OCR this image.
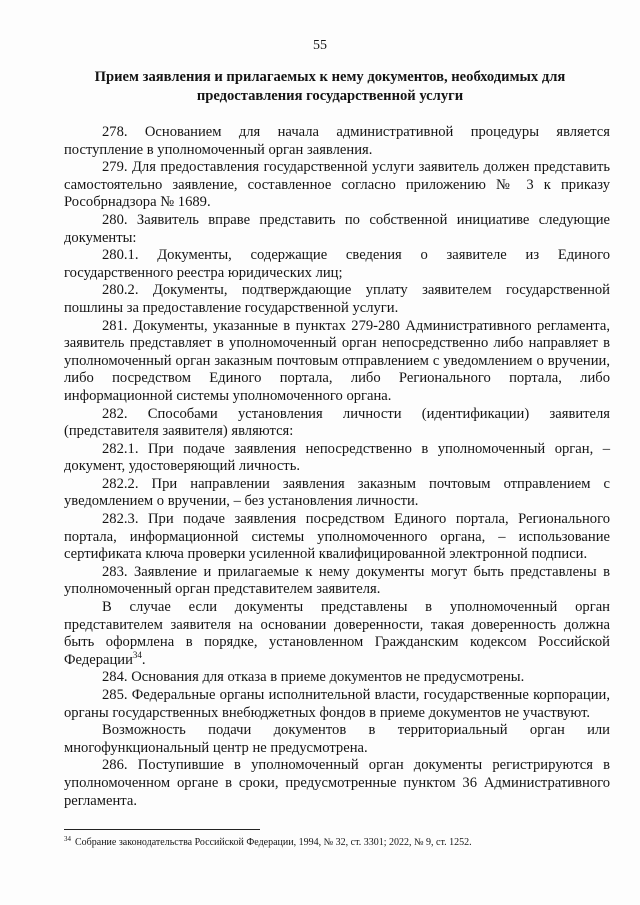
55
Прием заявления и прилагаемых к нему документов, необходимых для предоставления государственной услуги

278. Основанием для начала административной процедуры является поступление в уполномоченный орган заявления.

279. Для предоставления государственной услуги заявитель должен представить самостоятельно заявление, составленное согласно приложению № 3 к приказу Рособрнадзора № 1689.

280. Заявитель вправе представить по собственной инициативе следующие документы:

280.1. Документы, содержащие сведения о заявителе из Единого государственного реестра юридических лиц;

280.2. Документы, подтверждающие уплату заявителем государственной пошлины за предоставление государственной услуги.

281. Документы, указанные в пунктах 279-280 Административного регламента, заявитель представляет в уполномоченный орган непосредственно либо направляет в уполномоченный орган заказным почтовым отправлением с уведомлением о вручении, либо посредством Единого портала, либо Регионального портала, либо информационной системы уполномоченного органа.

282. Способами установления личности (идентификации) заявителя (представителя заявителя) являются:

282.1. При подаче заявления непосредственно в уполномоченный орган, – документ, удостоверяющий личность.

282.2. При направлении заявления заказным почтовым отправлением с уведомлением о вручении, – без установления личности.

282.3. При подаче заявления посредством Единого портала, Регионального портала, информационной системы уполномоченного органа, – использование сертификата ключа проверки усиленной квалифицированной электронной подписи.

283. Заявление и прилагаемые к нему документы могут быть представлены в уполномоченный орган представителем заявителя.

В случае если документы представлены в уполномоченный орган представителем заявителя на основании доверенности, такая доверенность должна быть оформлена в порядке, установленном Гражданским кодексом Российской Федерации$^{34}$.

284. Основания для отказа в приеме документов не предусмотрены.

285. Федеральные органы исполнительной власти, государственные корпорации, органы государственных внебюджетных фондов в приеме документов не участвуют.

Возможность подачи документов в территориальный орган или многофункциональный центр не предусмотрена.

286. Поступившие в уполномоченный орган документы регистрируются в уполномоченном органе в сроки, предусмотренные пунктом 36 Административного регламента.

$^{34}$ Собрание законодательства Российской Федерации, 1994, № 32, ст. 3301; 2022, № 9, ст. 1252.
